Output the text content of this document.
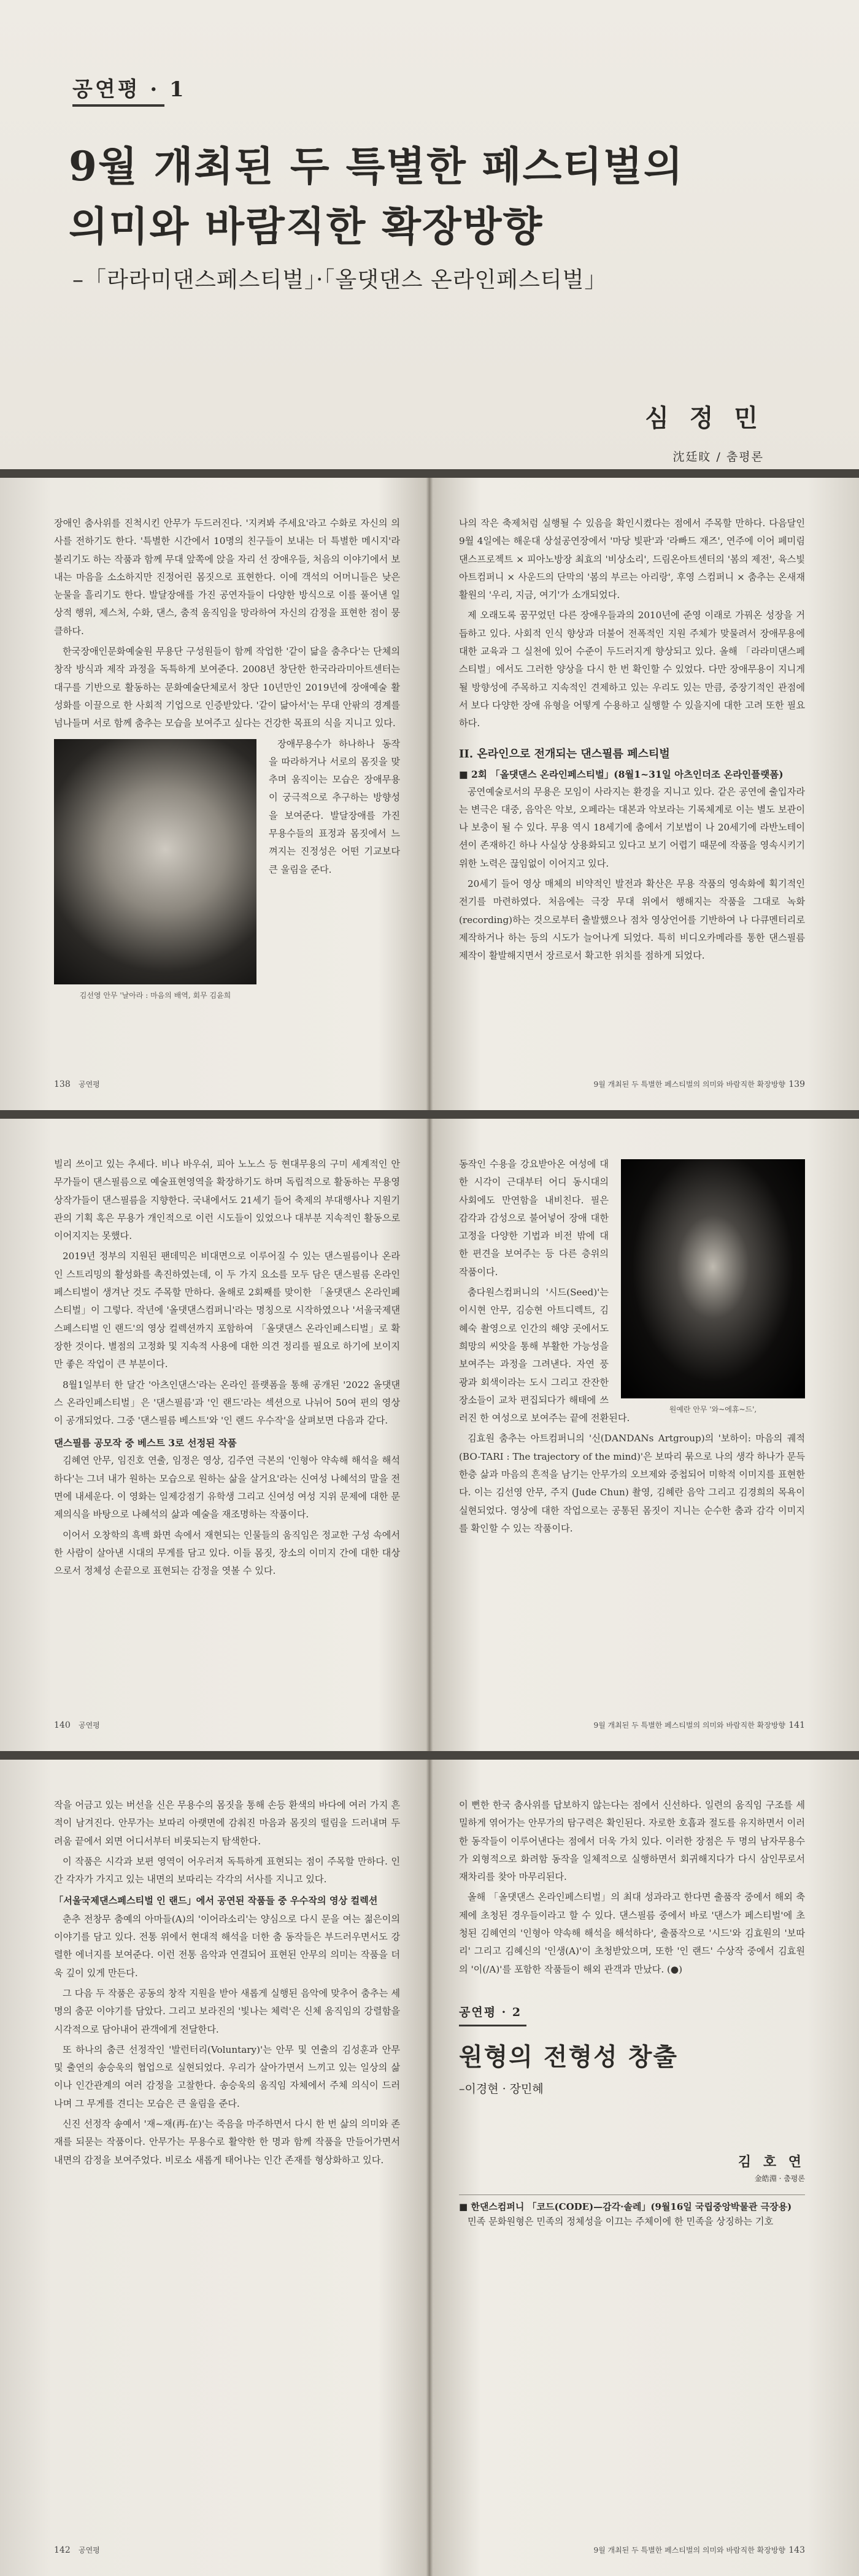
공연평 · 1
9월 개최된 두 특별한 페스티벌의
의미와 바람직한 확장방향
–「라라미댄스페스티벌」·「올댓댄스 온라인페스티벌」
심 정 민
沈廷旼 / 춤평론

장애인 춤사위를 진척시킨 안무가 두드러진다. '지켜봐 주세요'라고 수화로 자신의 의사를 전하기도 한다. '특별한 시간에서 10명의 친구들이 보내는 더 특별한 메시지'라 불리기도 하는 작품과 함께 무대 앞쪽에 앉을 자리 선 장애우들, 처음의 이야기에서 보내는 마음을 소소하지만 진정어린 몸짓으로 표현한다. 이에 객석의 어머니들은 낮은 눈물을 흘리기도 한다. 발달장애를 가진 공연자들이 다양한 방식으로 이를 풀어낸 일상적 행위, 제스처, 수화, 댄스, 춤적 움직임을 망라하여 자신의 감정을 표현한 점이 뭉클하다.

한국장애인문화예술원 무용단 구성원들이 함께 작업한 '같이 닮을 춤추다'는 단체의 창작 방식과 제작 과정을 독특하게 보여준다. 2008년 창단한 한국라라미아트센터는 대구를 기반으로 활동하는 문화예술단체로서 창단 10년만인 2019년에 장애예술 활성화를 이끌으로 한 사회적 기업으로 인증받았다. '같이 닮아서'는 무대 안팎의 경계를 넘나들며 서로 함께 춤추는 모습을 보여주고 싶다는 건강한 목표의 식을 지니고 있다.

김선영 안무 '날아라 : 마음의 배역, 회무 김윤희

장애무용수가 하나하나 동작을 따라하거나 서로의 몸짓을 맞추며 움직이는 모습은 장애무용이 궁극적으로 추구하는 방향성을 보여준다. 발달장애를 가진 무용수들의 표정과 몸짓에서 느껴지는 진정성은 어떤 기교보다 큰 울림을 준다.

138 공연평

나의 작은 축제처럼 실행될 수 있음을 확인시켰다는 점에서 주목할 만하다. 다음달인 9월 4일에는 해운대 상설공연장에서 '마당 빛판'과 '라빠드 재즈', 연주에 이어 페미림댄스프로젝트 × 피아노방장 최효의 '비상소리', 드림온아트센터의 '봄의 제전', 육스빛아트컴퍼니 × 사운드의 단막의 '봄의 부르는 아리랑', 후영 스컴퍼니 × 춤추는 온새재활원의 '우리, 지금, 여기'가 소개되었다.

제 오래도록 꿈꾸었던 다른 장애우들과의 2010년에 준영 이래로 가꿔온 성장을 거듭하고 있다. 사회적 인식 향상과 더불어 전폭적인 지원 주체가 맞물려서 장애무용에 대한 교육과 그 실천에 있어 수준이 두드러지게 향상되고 있다. 올해 「라라미댄스페스티벌」에서도 그러한 양상을 다시 한 번 확인할 수 있었다. 다만 장애무용이 지니게 될 방향성에 주목하고 지속적인 견제하고 있는 우리도 있는 만큼, 중장기적인 관점에서 보다 다양한 장애 유형을 어떻게 수용하고 실행할 수 있을지에 대한 고려 또한 필요하다.

II. 온라인으로 전개되는 댄스필름 페스티벌
■ 2회 「올댓댄스 온라인페스티벌」(8월1~31일 아츠인더조 온라인플랫폼)

공연예술로서의 무용은 모임이 사라지는 환경을 지니고 있다. 같은 공연에 출입자라는 변극은 대중, 음악은 악보, 오페라는 대본과 악보라는 기록체계로 이는 별도 보관이나 보충이 될 수 있다. 무용 역시 18세기에 춤에서 기보법이 나 20세기에 라반노테이션이 존재하긴 하나 사실상 상용화되고 있다고 보기 어렵기 때문에 작품을 영속시키기 위한 노력은 끊임없이 이어지고 있다.

20세기 들어 영상 매체의 비약적인 발전과 확산은 무용 작품의 영속화에 획기적인 전기를 마련하였다. 처음에는 극장 무대 위에서 행해지는 작품을 그대로 녹화(recording)하는 것으로부터 출발했으나 점차 영상언어를 기반하여 나 다큐멘터리로 제작하거나 하는 등의 시도가 늘어나게 되었다. 특히 비디오카메라를 통한 댄스필름 제작이 활발해지면서 장르로서 확고한 위치를 점하게 되었다.

9월 개최된 두 특별한 페스티벌의 의미와 바람직한 확장방향 139

빌리 쓰이고 있는 추세다. 비나 바우쉬, 피아 노노스 등 현대무용의 구미 세계적인 안무가들이 댄스필름으로 예술표현영역을 확장하기도 하며 독립적으로 활동하는 무용영상작가들이 댄스필름을 지향한다. 국내에서도 21세기 들어 축제의 부대행사나 지원기관의 기획 혹은 무용가 개인적으로 이런 시도들이 있었으나 대부분 지속적인 활동으로 이어지지는 못했다.

2019년 정부의 지원된 팬데믹은 비대면으로 이루어질 수 있는 댄스필름이나 온라인 스트리밍의 활성화를 촉진하였는데, 이 두 가지 요소를 모두 담은 댄스필름 온라인페스티벌이 생겨난 것도 주목할 만하다. 올해로 2회째를 맞이한 「올댓댄스 온라인페스티벌」이 그렇다. 작년에 '올댓댄스컴퍼니'라는 명칭으로 시작하였으나 '서울국제댄스페스티벌 인 랜드'의 영상 컬렉션까지 포함하여 「올댓댄스 온라인페스티벌」로 확장한 것이다. 별점의 고정화 및 지속적 사용에 대한 의견 정리를 필요로 하기에 보이지만 좋은 작업이 큰 부분이다.

8월1일부터 한 달간 '아츠인댄스'라는 온라인 플랫폼을 통해 공개된 '2022 올댓댄스 온라인페스티벌」은 '댄스필름'과 '인 랜드'라는 섹션으로 나뉘어 50여 편의 영상이 공개되었다. 그중 '댄스필름 베스트'와 '인 랜드 우수작'을 살펴보면 다음과 같다.

댄스필름 공모작 중 베스트 3로 선정된 작품

김혜연 안무, 임진호 연출, 임정은 영상, 김주연 극본의 '인형아 약속해 해석을 해석하다'는 그녀 내가 원하는 모습으로 원하는 삶을 살거요'라는 신여성 나혜석의 말을 전면에 내세운다. 이 영화는 일제강점기 유학생 그리고 신여성 여성 지위 문제에 대한 문제의식을 바탕으로 나혜석의 삶과 예술을 재조명하는 작품이다.

이어서 오창학의 흑백 화면 속에서 재현되는 인물들의 움직임은 정교한 구성 속에서 한 사람이 살아낸 시대의 무게를 담고 있다. 이들 몸짓, 장소의 이미지 간에 대한 대상으로서 정체성 손끝으로 표현되는 감정을 엿볼 수 있다.

140 공연평
원예란 안무 '와~에휴~드',

동작인 수용을 강요받아온 여성에 대한 시각이 근대부터 어디 동시대의 사회에도 만연함을 내비친다. 필은 감각과 감성으로 불어넣어 장애 대한 고정을 다양한 기법과 비전 밖에 대한 편견을 보여주는 등 다른 층위의 작품이다.

춤다원스컴퍼니의 '시드(Seed)'는 이시현 안무, 김승현 아트디렉트, 김혜숙 촬영으로 인간의 해양 곳에서도 희망의 씨앗을 통해 부활한 가능성을 보여주는 과정을 그려낸다. 자연 풍광과 회색이라는 도시 그리고 잔잔한 장소들이 교차 편집되다가 해태에 쓰러진 한 여성으로 보여주는 끝에 전환된다.

김효원 춤추는 아트컴퍼니의 '신(DANDANs Artgroup)의 '보하이: 마음의 궤적(BO-TARI : The trajectory of the mind)'은 보따리 묶으로 나의 생각 하나가 문득 한층 삶과 마음의 흔적을 남기는 안무가의 오브제와 중첩되어 미학적 이미지를 표현한다. 이는 김선영 안무, 주지 (Jude Chun) 촬영, 김혜란 음악 그리고 김경희의 목욕이 실현되었다. 영상에 대한 작업으로는 공통된 몸짓이 지니는 순수한 춤과 감각 이미지를 확인할 수 있는 작품이다.

9월 개최된 두 특별한 페스티벌의 의미와 바람직한 확장방향 141

작을 어금고 있는 버선을 신은 무용수의 몸짓을 통해 손등 환색의 바다에 여러 가지 흔적이 남겨진다. 안무가는 보따리 아랫면에 감춰진 마음과 몸짓의 떨림을 드러내며 두려움 끝에서 외면 어디서부터 비롯되는지 탐색한다.

이 작품은 시각과 보편 영역이 어우러져 독특하게 표현되는 점이 주목할 만하다. 인간 각자가 가지고 있는 내면의 보따리는 각각의 서사를 지니고 있다.

「서울국제댄스페스티벌 인 랜드」에서 공연된 작품들 중 우수작의 영상 컬렉션

춘추 전창무 춤예의 아마들(A)의 '이어라소리'는 양심으로 다시 문을 여는 젊은이의 이야기를 담고 있다. 전통 위에서 현대적 해석을 더한 춤 동작들은 부드러우면서도 강렬한 에너지를 보여준다. 이런 전통 음악과 연결되어 표현된 안무의 의미는 작품을 더욱 깊이 있게 만든다.

그 다음 두 작품은 공동의 창작 지원을 받아 새롭게 실행된 음악에 맞추어 춤추는 세 명의 춤꾼 이야기를 담았다. 그리고 보라진의 '빛나는 체력'은 신체 움직임의 강렬함을 시각적으로 담아내어 관객에게 전달한다.

또 하나의 춤큰 선정작인 '발런터리(Voluntary)'는 안무 및 연출의 김성훈과 안무 및 출연의 송승욱의 협업으로 실현되었다. 우리가 살아가면서 느끼고 있는 일상의 삶이나 인간관계의 여러 감정을 고찰한다. 송승욱의 움직임 자체에서 주체 의식이 드러나며 그 무게를 견디는 모습은 큰 울림을 준다.

신진 선정작 송예서 '재~재(再-在)'는 죽음을 마주하면서 다시 한 번 삶의 의미와 존재를 되묻는 작품이다. 안무가는 무용수로 활약한 한 명과 함께 작품을 만들어가면서 내면의 감정을 보여주었다. 비로소 새롭게 태어나는 인간 존재를 형상화하고 있다.

142 공연평

이 뻔한 한국 춤사위를 답보하지 않는다는 점에서 신선하다. 일련의 움직임 구조를 세밀하게 엮어가는 안무가의 탐구력은 확인된다. 자로한 호흡과 절도를 유지하면서 이러한 동작들이 이루어낸다는 점에서 더욱 가치 있다. 이러한 장점은 두 명의 남자무용수가 외형적으로 화려함 동작을 일체적으로 실행하면서 회귀해지다가 다시 삼인무로서 재차리를 찾아 마무리된다.

올해 「올댓댄스 온라인페스티벌」의 최대 성과라고 한다면 출품작 중에서 해외 축제에 초청된 경우들이라고 할 수 있다. 댄스필름 중에서 바로 '댄스가 페스티벌'에 초청된 김혜연의 '인형아 약속해 해석을 해석하다', 출품작으로 '시드'와 김효원의 '보따리' 그리고 김혜신의 '인생(A)'이 초청받았으며, 또한 '인 랜드' 수상작 중에서 김효원의 '이(/A)'를 포함한 작품들이 해외 관객과 만났다. (●)

공연평 · 2
원형의 전형성 창출
–이경현 · 장민혜
김 호 연
金皓淵 · 춤평론
■ 한댄스컴퍼니 「코드(CODE)—감각·솔레」(9월16일 국립중앙박물관 극장용)

민족 문화원형은 민족의 정체성을 이끄는 주체이에 한 민족을 상징하는 기호

9월 개최된 두 특별한 페스티벌의 의미와 바람직한 확장방향 143
